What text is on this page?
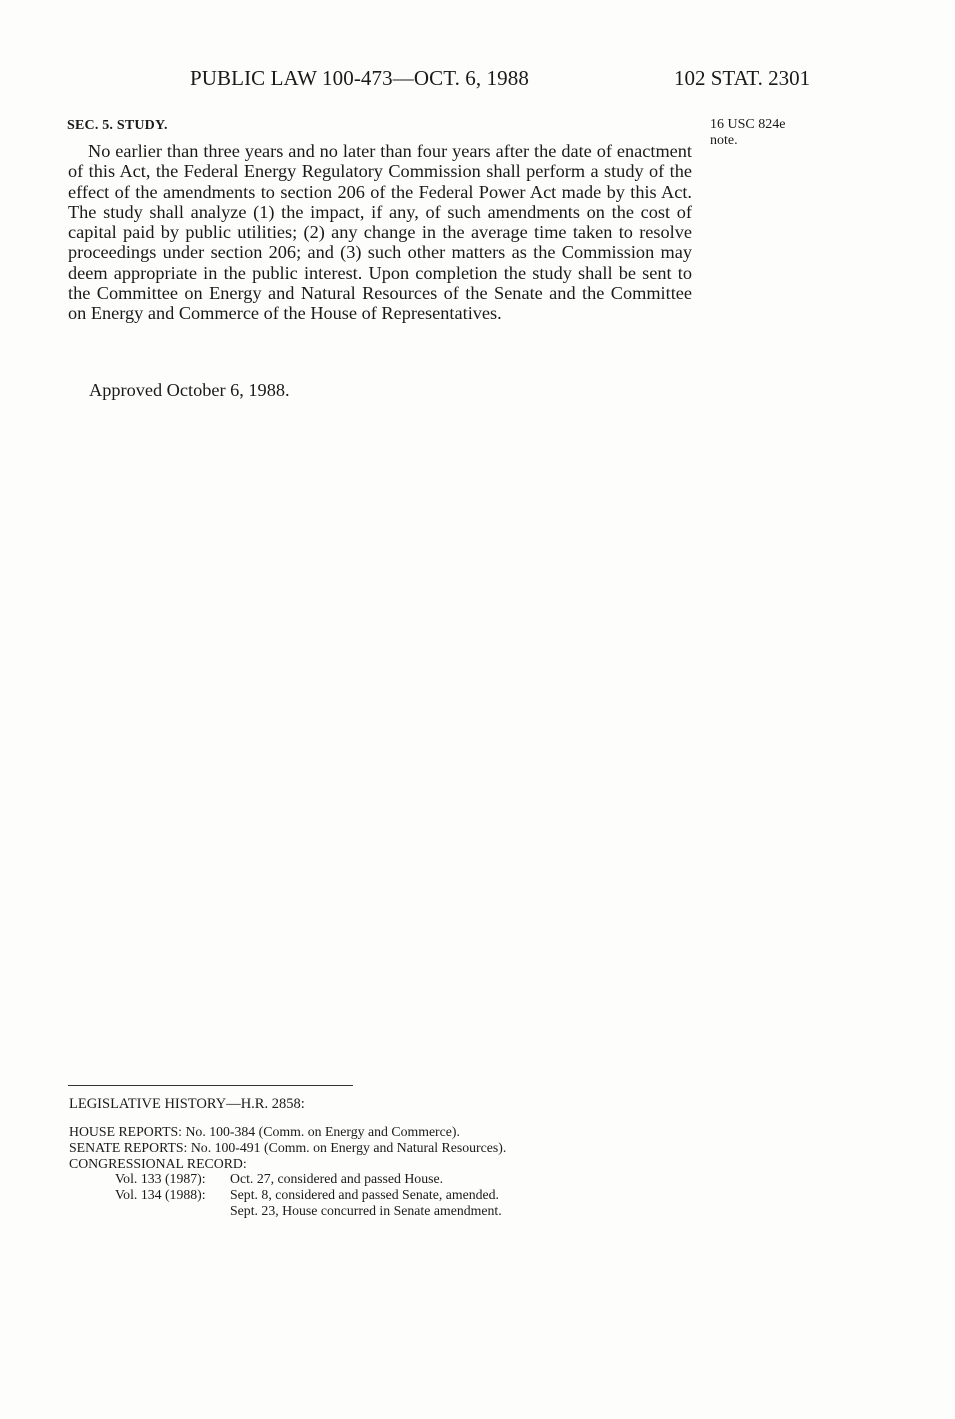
PUBLIC LAW 100-473—OCT. 6, 1988	102 STAT. 2301
SEC. 5. STUDY.	16 USC 824e
note.

No earlier than three years and no later than four years after the date of enactment of this Act, the Federal Energy Regulatory Commission shall perform a study of the effect of the amendments to section 206 of the Federal Power Act made by this Act. The study shall analyze (1) the impact, if any, of such amendments on the cost of capital paid by public utilities; (2) any change in the average time taken to resolve proceedings under section 206; and (3) such other matters as the Commission may deem appropriate in the public interest. Upon completion the study shall be sent to the Committee on Energy and Natural Resources of the Senate and the Committee on Energy and Commerce of the House of Representatives.

Approved October 6, 1988.
LEGISLATIVE HISTORY—H.R. 2858:
HOUSE REPORTS: No. 100-384 (Comm. on Energy and Commerce).
SENATE REPORTS: No. 100-491 (Comm. on Energy and Natural Resources).
CONGRESSIONAL RECORD:
Vol. 133 (1987):	Oct. 27, considered and passed House.
Vol. 134 (1988):	Sept. 8, considered and passed Senate, amended.
Sept. 23, House concurred in Senate amendment.
